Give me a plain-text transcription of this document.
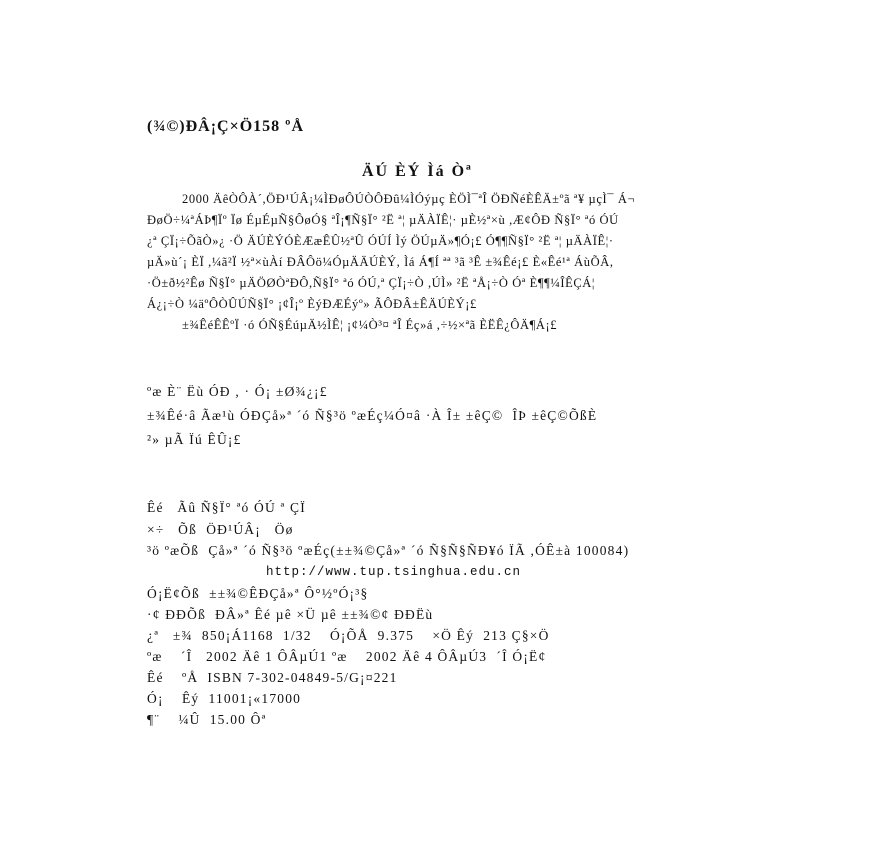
(¾©)ÐÂ¡Ç×Ö158 ºÅ
ÄÚ ÈÝ Ìá Òª
2000 ÄêÒÔÀ´,ÖÐ¹ÚÂ¡¼ÌÐøÔÚÒÔÐû¼ÌÓýµç ÈÖÌ¯ªÎ ÖÐÑéÈÊÄ±ºã ª¥ µçÌ¯ Á¬
ÐøÖ÷¼ªÁÞ¶Ïº Ïø ÉµÉµÑ§ÔøÓ§ ªÎ¡¶Ñ§Ï° ²Ë ª¦ µÄÀÏÊ¦· µÈ½ª×ù ,Æ¢ÔÐ Ñ§Ï° ªó ÓÚ
¿ª ÇÏ¡÷ÕãÒ»¿ ·Ö ÄÚÈÝÓÈÆæÊÛ½ªÛ ÓÚÍ Ìý ÖÚµÄ»¶Ó¡£ Ó¶¶Ñ§Ï° ²Ë ª¦ µÄÀÏÊ¦·
µÄ»ù´¡ ÈÏ ,¼ã²Ï ½ª×ùÀí ÐÂÔö¼ÓµÄÄÚÈÝ, Ìá Á¶Í ªª ³ã ³Ê ±¾Êé¡£ È«Êé¹ª ÁùÕÂ,
·Ö±ð½²Êø Ñ§Ï° µÄÖØÒªÐÔ,Ñ§Ï° ªó ÓÚ,ª ÇÏ¡÷Ò ,ÚÌ» ²Ë ªÅ¡÷Ò Óª È¶¶¼ÎÊÇÁ¦
Á¿¡÷Ò ¼äºÔÒÛÚÑ§Ï° ¡¢Î¡º ÈýÐÆÉýº» ÃÔÐÂ±ÊÄÚÈÝ¡£
±¾ÊéÊÊºÏ ·ó ÓÑ§ÉúµÄ½ÌÊ¦ ¡¢¼Ò³¤ ªÎ Éç»á ,÷½×ªã ÈËÊ¿ÔÄ¶Á¡£
ºæ È¨ Ëù ÓÐ , · Ó¡ ±Ø¾¿¡£
±¾Êé·â Ãæ¹ù ÓÐÇå»ª ´ó Ñ§³ö ºæÉç¼Ó¤â ·À Î± ±êÇ©  ÎÞ ±êÇ©ÕßÈ
²» µÃ Ïú ÊÛ¡£
Êé   Ãû Ñ§Ï° ªó ÓÚ ª ÇÏ
×÷   Õß  ÖÐ¹ÚÂ¡   Öø
³ö ºæÕß  Çå»ª ´ó Ñ§³ö ºæÉç(±±¾©Çå»ª ´ó Ñ§Ñ§ÑÐ¥ó ÏÃ ,ÓÊ±à 100084)
http://www.tup.tsinghua.edu.cn
Ó¡Ë¢Õß  ±±¾©ÊÐÇå»ª Ô°½ºÓ¡³§
·¢ ÐÐÕß  ÐÂ»ª Êé µê ×Ü µê ±±¾©¢ ÐÐËù
¿ª   ±¾  850¡Á1168  1/32    Ó¡ÕÅ  9.375    ×Ö Êý  213 Ç§×Ö
ºæ    ´Î   2002 Äê 1 ÔÂµÚ1 ºæ    2002 Äê 4 ÔÂµÚ3  ´Î Ó¡Ë¢
Êé    ºÅ  ISBN 7-302-04849-5/G¡¤221
Ó¡    Êý  11001¡«17000
¶¨    ¼Û  15.00 Ôª
